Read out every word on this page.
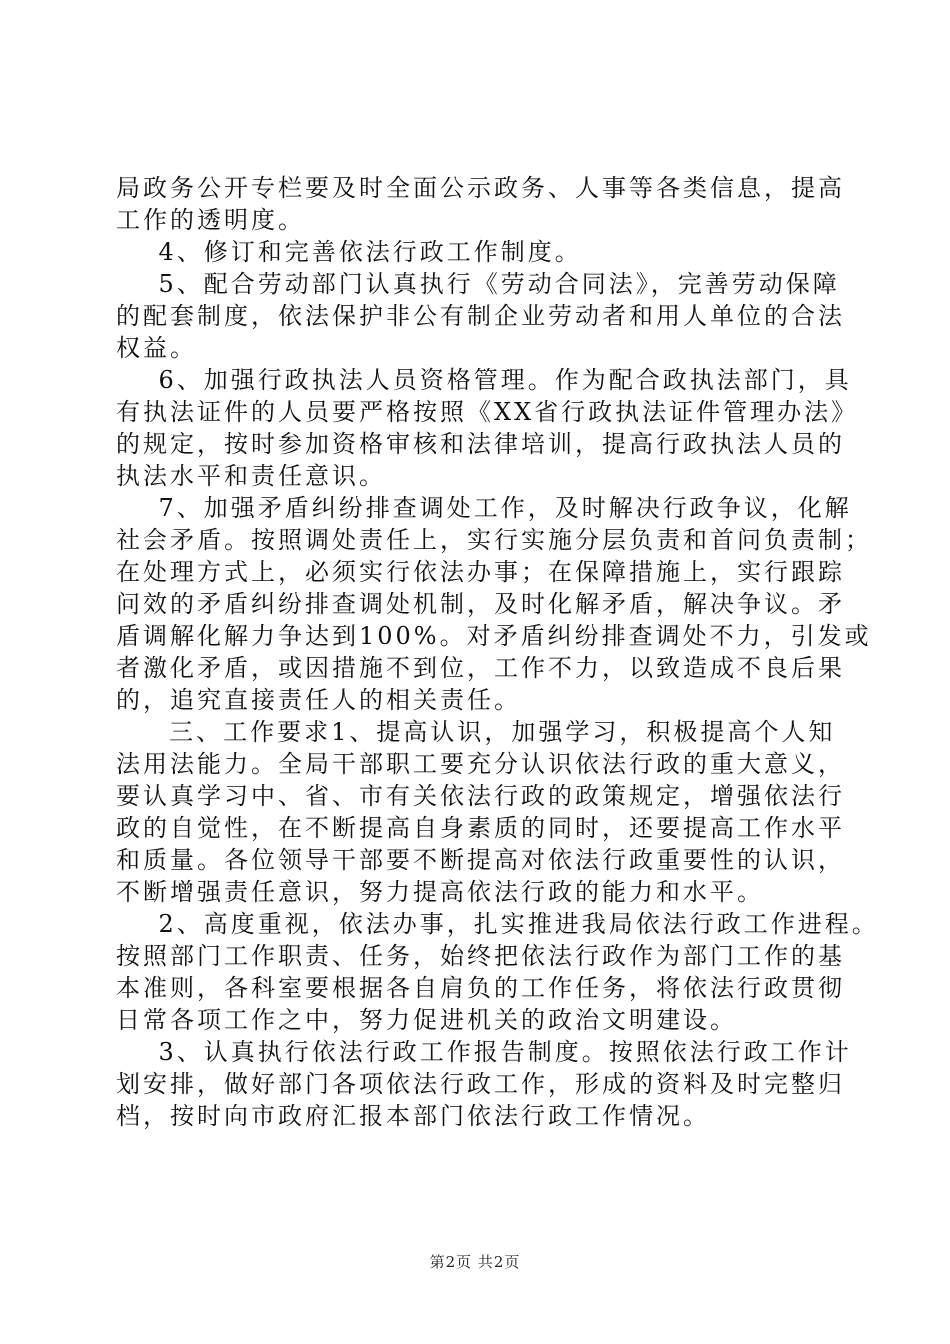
局政务公开专栏要及时全面公示政务、人事等各类信息，提高
工作的透明度。
4、修订和完善依法行政工作制度。
5、配合劳动部门认真执行《劳动合同法》，完善劳动保障
的配套制度，依法保护非公有制企业劳动者和用人单位的合法
权益。
6、加强行政执法人员资格管理。作为配合政执法部门，具
有执法证件的人员要严格按照《XX省行政执法证件管理办法》
的规定，按时参加资格审核和法律培训，提高行政执法人员的
执法水平和责任意识。
7、加强矛盾纠纷排查调处工作，及时解决行政争议，化解
社会矛盾。按照调处责任上，实行实施分层负责和首问负责制；
在处理方式上，必须实行依法办事；在保障措施上，实行跟踪
问效的矛盾纠纷排查调处机制，及时化解矛盾，解决争议。矛
盾调解化解力争达到100%。对矛盾纠纷排查调处不力，引发或
者激化矛盾，或因措施不到位，工作不力，以致造成不良后果
的，追究直接责任人的相关责任。
三、工作要求1、提高认识，加强学习，积极提高个人知
法用法能力。全局干部职工要充分认识依法行政的重大意义，
要认真学习中、省、市有关依法行政的政策规定，增强依法行
政的自觉性，在不断提高自身素质的同时，还要提高工作水平
和质量。各位领导干部要不断提高对依法行政重要性的认识，
不断增强责任意识，努力提高依法行政的能力和水平。
2、高度重视，依法办事，扎实推进我局依法行政工作进程。
按照部门工作职责、任务，始终把依法行政作为部门工作的基
本准则，各科室要根据各自肩负的工作任务，将依法行政贯彻
日常各项工作之中，努力促进机关的政治文明建设。
3、认真执行依法行政工作报告制度。按照依法行政工作计
划安排，做好部门各项依法行政工作，形成的资料及时完整归
档，按时向市政府汇报本部门依法行政工作情况。
第2页 共2页
